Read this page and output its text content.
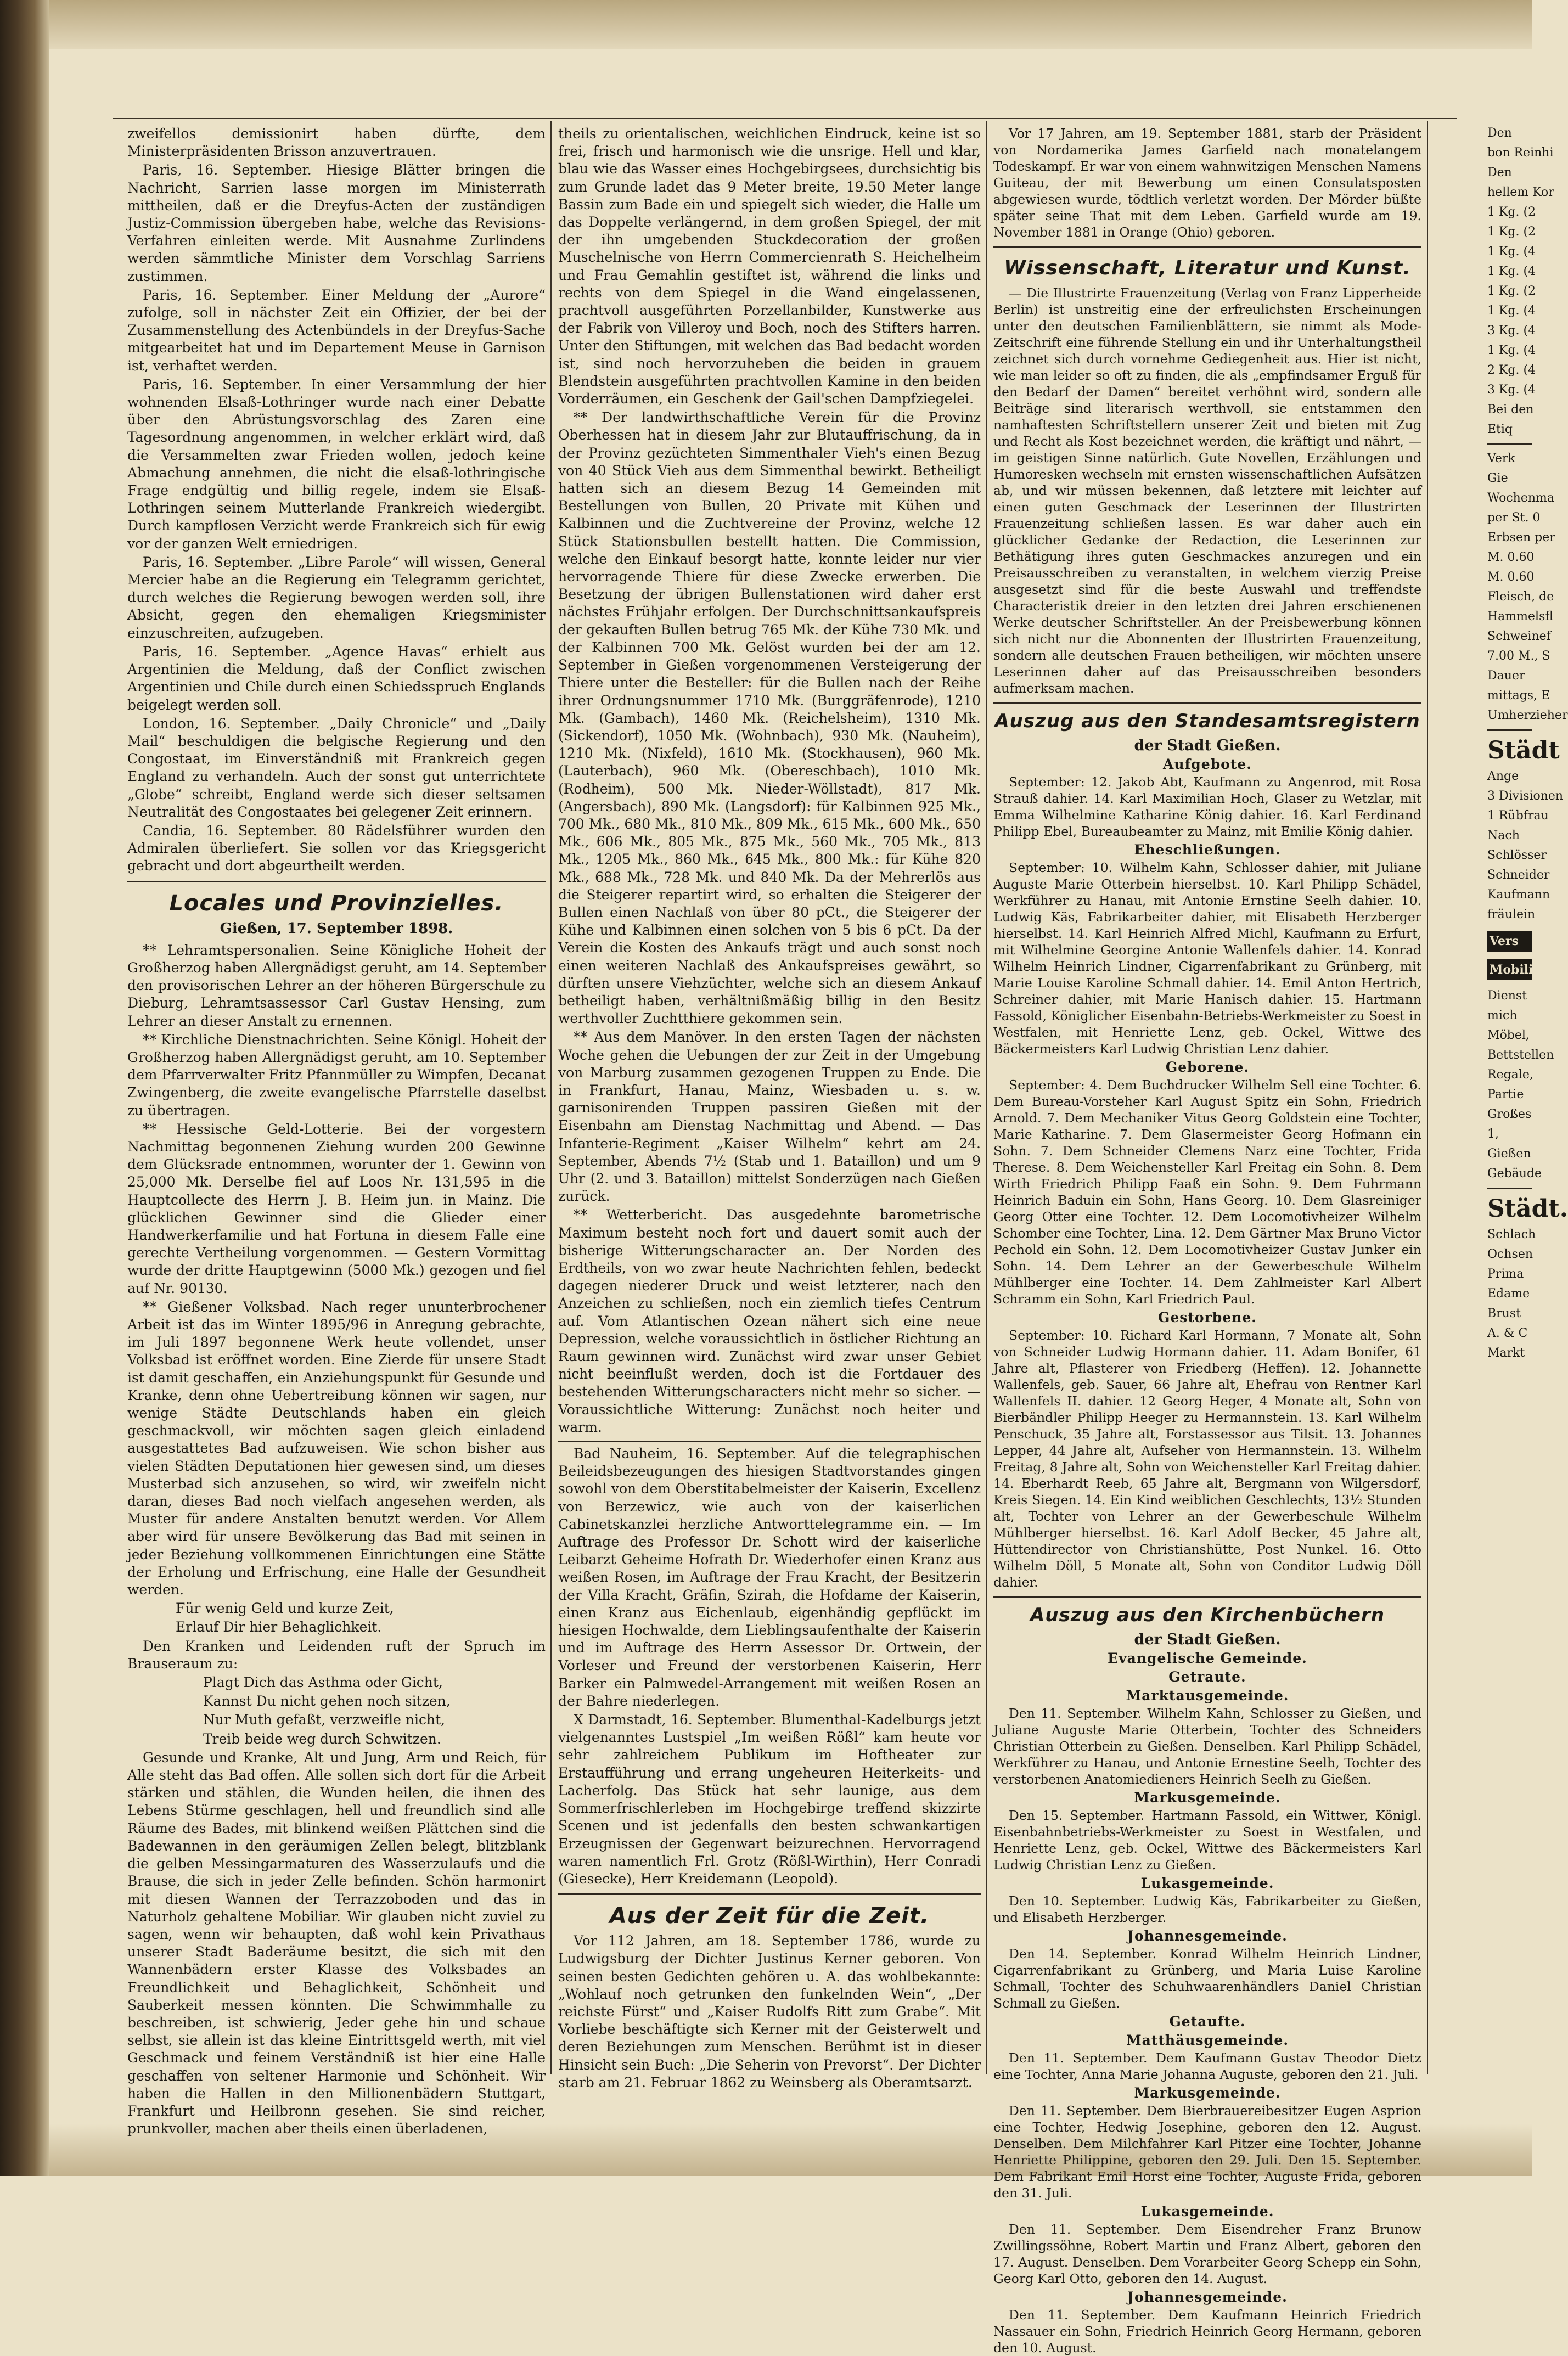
zweifellos demissionirt haben dürfte, dem Ministerpräsidenten Brisson anzuvertrauen.

Paris, 16. September. Hiesige Blätter bringen die Nachricht, Sarrien lasse morgen im Ministerrath mittheilen, daß er die Dreyfus-Acten der zuständigen Justiz-Commission übergeben habe, welche das Revisions-Verfahren einleiten werde. Mit Ausnahme Zurlindens werden sämmtliche Minister dem Vorschlag Sarriens zustimmen.

Paris, 16. September. Einer Meldung der „Aurore“ zufolge, soll in nächster Zeit ein Offizier, der bei der Zusammenstellung des Actenbündels in der Dreyfus-Sache mitgearbeitet hat und im Departement Meuse in Garnison ist, verhaftet werden.

Paris, 16. September. In einer Versammlung der hier wohnenden Elsaß-Lothringer wurde nach einer Debatte über den Abrüstungsvorschlag des Zaren eine Tagesordnung angenommen, in welcher erklärt wird, daß die Versammelten zwar Frieden wollen, jedoch keine Abmachung annehmen, die nicht die elsaß-lothringische Frage endgültig und billig regele, indem sie Elsaß-Lothringen seinem Mutterlande Frankreich wiedergibt. Durch kampflosen Verzicht werde Frankreich sich für ewig vor der ganzen Welt erniedrigen.

Paris, 16. September. „Libre Parole“ will wissen, General Mercier habe an die Regierung ein Telegramm gerichtet, durch welches die Regierung bewogen werden soll, ihre Absicht, gegen den ehemaligen Kriegsminister einzuschreiten, aufzugeben.

Paris, 16. September. „Agence Havas“ erhielt aus Argentinien die Meldung, daß der Conflict zwischen Argentinien und Chile durch einen Schiedsspruch Englands beigelegt werden soll.

London, 16. September. „Daily Chronicle“ und „Daily Mail“ beschuldigen die belgische Regierung und den Congostaat, im Einverständniß mit Frankreich gegen England zu verhandeln. Auch der sonst gut unterrichtete „Globe“ schreibt, England werde sich dieser seltsamen Neutralität des Congostaates bei gelegener Zeit erinnern.

Candia, 16. September. 80 Rädelsführer wurden den Admiralen überliefert. Sie sollen vor das Kriegsgericht gebracht und dort abgeurtheilt werden.

Locales und Provinzielles.
Gießen, 17. September 1898.

** Lehramtspersonalien. Seine Königliche Hoheit der Großherzog haben Allergnädigst geruht, am 14. September den provisorischen Lehrer an der höheren Bürgerschule zu Dieburg, Lehramtsassessor Carl Gustav Hensing, zum Lehrer an dieser Anstalt zu ernennen.

** Kirchliche Dienstnachrichten. Seine Königl. Hoheit der Großherzog haben Allergnädigst geruht, am 10. September dem Pfarrverwalter Fritz Pfannmüller zu Wimpfen, Decanat Zwingenberg, die zweite evangelische Pfarrstelle daselbst zu übertragen.

** Hessische Geld-Lotterie. Bei der vorgestern Nachmittag begonnenen Ziehung wurden 200 Gewinne dem Glücksrade entnommen, worunter der 1. Gewinn von 25,000 Mk. Derselbe fiel auf Loos Nr. 131,595 in die Hauptcollecte des Herrn J. B. Heim jun. in Mainz. Die glücklichen Gewinner sind die Glieder einer Handwerkerfamilie und hat Fortuna in diesem Falle eine gerechte Vertheilung vorgenommen. — Gestern Vormittag wurde der dritte Hauptgewinn (5000 Mk.) gezogen und fiel auf Nr. 90130.

** Gießener Volksbad. Nach reger ununterbrochener Arbeit ist das im Winter 1895/96 in Anregung gebrachte, im Juli 1897 begonnene Werk heute vollendet, unser Volksbad ist eröffnet worden. Eine Zierde für unsere Stadt ist damit geschaffen, ein Anziehungspunkt für Gesunde und Kranke, denn ohne Uebertreibung können wir sagen, nur wenige Städte Deutschlands haben ein gleich geschmackvoll, wir möchten sagen gleich einladend ausgestattetes Bad aufzuweisen. Wie schon bisher aus vielen Städten Deputationen hier gewesen sind, um dieses Musterbad sich anzusehen, so wird, wir zweifeln nicht daran, dieses Bad noch vielfach angesehen werden, als Muster für andere Anstalten benutzt werden. Vor Allem aber wird für unsere Bevölkerung das Bad mit seinen in jeder Beziehung vollkommenen Einrichtungen eine Stätte der Erholung und Erfrischung, eine Halle der Gesundheit werden.

Für wenig Geld und kurze Zeit,

Erlauf Dir hier Behaglichkeit.

Den Kranken und Leidenden ruft der Spruch im Brauseraum zu:

Plagt Dich das Asthma oder Gicht,

Kannst Du nicht gehen noch sitzen,

Nur Muth gefaßt, verzweifle nicht,

Treib beide weg durch Schwitzen.

Gesunde und Kranke, Alt und Jung, Arm und Reich, für Alle steht das Bad offen. Alle sollen sich dort für die Arbeit stärken und stählen, die Wunden heilen, die ihnen des Lebens Stürme geschlagen, hell und freundlich sind alle Räume des Bades, mit blinkend weißen Plättchen sind die Badewannen in den geräumigen Zellen belegt, blitzblank die gelben Messingarmaturen des Wasserzulaufs und die Brause, die sich in jeder Zelle befinden. Schön harmonirt mit diesen Wannen der Terrazzoboden und das in Naturholz gehaltene Mobiliar. Wir glauben nicht zuviel zu sagen, wenn wir behaupten, daß wohl kein Privathaus unserer Stadt Baderäume besitzt, die sich mit den Wannenbädern erster Klasse des Volksbades an Freundlichkeit und Behaglichkeit, Schönheit und Sauberkeit messen könnten. Die Schwimmhalle zu beschreiben, ist schwierig, Jeder gehe hin und schaue selbst, sie allein ist das kleine Eintrittsgeld werth, mit viel Geschmack und feinem Verständniß ist hier eine Halle geschaffen von seltener Harmonie und Schönheit. Wir haben die Hallen in den Millionenbädern Stuttgart, Frankfurt und Heilbronn gesehen. Sie sind reicher, prunkvoller, machen aber theils einen überladenen,

theils zu orientalischen, weichlichen Eindruck, keine ist so frei, frisch und harmonisch wie die unsrige. Hell und klar, blau wie das Wasser eines Hochgebirgsees, durchsichtig bis zum Grunde ladet das 9 Meter breite, 19.50 Meter lange Bassin zum Bade ein und spiegelt sich wieder, die Halle um das Doppelte verlängernd, in dem großen Spiegel, der mit der ihn umgebenden Stuckdecoration der großen Muschelnische von Herrn Commercienrath S. Heichelheim und Frau Gemahlin gestiftet ist, während die links und rechts von dem Spiegel in die Wand eingelassenen, prachtvoll ausgeführten Porzellanbilder, Kunstwerke aus der Fabrik von Villeroy und Boch, noch des Stifters harren. Unter den Stiftungen, mit welchen das Bad bedacht worden ist, sind noch hervorzuheben die beiden in grauem Blendstein ausgeführten prachtvollen Kamine in den beiden Vorderräumen, ein Geschenk der Gail'schen Dampfziegelei.

** Der landwirthschaftliche Verein für die Provinz Oberhessen hat in diesem Jahr zur Blutauffrischung, da in der Provinz gezüchteten Simmenthaler Vieh's einen Bezug von 40 Stück Vieh aus dem Simmenthal bewirkt. Betheiligt hatten sich an diesem Bezug 14 Gemeinden mit Bestellungen von Bullen, 20 Private mit Kühen und Kalbinnen und die Zuchtvereine der Provinz, welche 12 Stück Stationsbullen bestellt hatten. Die Commission, welche den Einkauf besorgt hatte, konnte leider nur vier hervorragende Thiere für diese Zwecke erwerben. Die Besetzung der übrigen Bullenstationen wird daher erst nächstes Frühjahr erfolgen. Der Durchschnittsankaufspreis der gekauften Bullen betrug 765 Mk. der Kühe 730 Mk. und der Kalbinnen 700 Mk. Gelöst wurden bei der am 12. September in Gießen vorgenommenen Versteigerung der Thiere unter die Besteller: für die Bullen nach der Reihe ihrer Ordnungsnummer 1710 Mk. (Burggräfenrode), 1210 Mk. (Gambach), 1460 Mk. (Reichelsheim), 1310 Mk. (Sickendorf), 1050 Mk. (Wohnbach), 930 Mk. (Nauheim), 1210 Mk. (Nixfeld), 1610 Mk. (Stockhausen), 960 Mk. (Lauterbach), 960 Mk. (Obereschbach), 1010 Mk. (Rodheim), 500 Mk. Nieder-Wöllstadt), 817 Mk. (Angersbach), 890 Mk. (Langsdorf): für Kalbinnen 925 Mk., 700 Mk., 680 Mk., 810 Mk., 809 Mk., 615 Mk., 600 Mk., 650 Mk., 606 Mk., 805 Mk., 875 Mk., 560 Mk., 705 Mk., 813 Mk., 1205 Mk., 860 Mk., 645 Mk., 800 Mk.: für Kühe 820 Mk., 688 Mk., 728 Mk. und 840 Mk. Da der Mehrerlös aus die Steigerer repartirt wird, so erhalten die Steigerer der Bullen einen Nachlaß von über 80 pCt., die Steigerer der Kühe und Kalbinnen einen solchen von 5 bis 6 pCt. Da der Verein die Kosten des Ankaufs trägt und auch sonst noch einen weiteren Nachlaß des Ankaufspreises gewährt, so dürften unsere Viehzüchter, welche sich an diesem Ankauf betheiligt haben, verhältnißmäßig billig in den Besitz werthvoller Zuchtthiere gekommen sein.

** Aus dem Manöver. In den ersten Tagen der nächsten Woche gehen die Uebungen der zur Zeit in der Umgebung von Marburg zusammen gezogenen Truppen zu Ende. Die in Frankfurt, Hanau, Mainz, Wiesbaden u. s. w. garnisonirenden Truppen passiren Gießen mit der Eisenbahn am Dienstag Nachmittag und Abend. — Das Infanterie-Regiment „Kaiser Wilhelm“ kehrt am 24. September, Abends 7½ (Stab und 1. Bataillon) und um 9 Uhr (2. und 3. Bataillon) mittelst Sonderzügen nach Gießen zurück.

** Wetterbericht. Das ausgedehnte barometrische Maximum besteht noch fort und dauert somit auch der bisherige Witterungscharacter an. Der Norden des Erdtheils, von wo zwar heute Nachrichten fehlen, bedeckt dagegen niederer Druck und weist letzterer, nach den Anzeichen zu schließen, noch ein ziemlich tiefes Centrum auf. Vom Atlantischen Ozean nähert sich eine neue Depression, welche voraussichtlich in östlicher Richtung an Raum gewinnen wird. Zunächst wird zwar unser Gebiet nicht beeinflußt werden, doch ist die Fortdauer des bestehenden Witterungscharacters nicht mehr so sicher. — Voraussichtliche Witterung: Zunächst noch heiter und warm.

Bad Nauheim, 16. September. Auf die telegraphischen Beileidsbezeugungen des hiesigen Stadtvorstandes gingen sowohl von dem Oberstitabelmeister der Kaiserin, Excellenz von Berzewicz, wie auch von der kaiserlichen Cabinetskanzlei herzliche Antworttelegramme ein. — Im Auftrage des Professor Dr. Schott wird der kaiserliche Leibarzt Geheime Hofrath Dr. Wiederhofer einen Kranz aus weißen Rosen, im Auftrage der Frau Kracht, der Besitzerin der Villa Kracht, Gräfin, Szirah, die Hofdame der Kaiserin, einen Kranz aus Eichenlaub, eigenhändig gepflückt im hiesigen Hochwalde, dem Lieblingsaufenthalte der Kaiserin und im Auftrage des Herrn Assessor Dr. Ortwein, der Vorleser und Freund der verstorbenen Kaiserin, Herr Barker ein Palmwedel-Arrangement mit weißen Rosen an der Bahre niederlegen.

X Darmstadt, 16. September. Blumenthal-Kadelburgs jetzt vielgenanntes Lustspiel „Im weißen Rößl“ kam heute vor sehr zahlreichem Publikum im Hoftheater zur Erstaufführung und errang ungeheuren Heiterkeits- und Lacherfolg. Das Stück hat sehr launige, aus dem Sommerfrischlerleben im Hochgebirge treffend skizzirte Scenen und ist jedenfalls den besten schwankartigen Erzeugnissen der Gegenwart beizurechnen. Hervorragend waren namentlich Frl. Grotz (Rößl-Wirthin), Herr Conradi (Giesecke), Herr Kreidemann (Leopold).

Aus der Zeit für die Zeit.

Vor 112 Jahren, am 18. September 1786, wurde zu Ludwigsburg der Dichter Justinus Kerner geboren. Von seinen besten Gedichten gehören u. A. das wohlbekannte: „Wohlauf noch getrunken den funkelnden Wein“, „Der reichste Fürst“ und „Kaiser Rudolfs Ritt zum Grabe“. Mit Vorliebe beschäftigte sich Kerner mit der Geisterwelt und deren Beziehungen zum Menschen. Berühmt ist in dieser Hinsicht sein Buch: „Die Seherin von Prevorst“. Der Dichter starb am 21. Februar 1862 zu Weinsberg als Oberamtsarzt.

Vor 17 Jahren, am 19. September 1881, starb der Präsident von Nordamerika James Garfield nach monatelangem Todeskampf. Er war von einem wahnwitzigen Menschen Namens Guiteau, der mit Bewerbung um einen Consulatsposten abgewiesen wurde, tödtlich verletzt worden. Der Mörder büßte später seine That mit dem Leben. Garfield wurde am 19. November 1881 in Orange (Ohio) geboren.

Wissenschaft, Literatur und Kunst.

— Die Illustrirte Frauenzeitung (Verlag von Franz Lipperheide Berlin) ist unstreitig eine der erfreulichsten Erscheinungen unter den deutschen Familienblättern, sie nimmt als Mode-Zeitschrift eine führende Stellung ein und ihr Unterhaltungstheil zeichnet sich durch vornehme Gediegenheit aus. Hier ist nicht, wie man leider so oft zu finden, die als „empfindsamer Erguß für den Bedarf der Damen“ bereitet verhöhnt wird, sondern alle Beiträge sind literarisch werthvoll, sie entstammen den namhaftesten Schriftstellern unserer Zeit und bieten mit Zug und Recht als Kost bezeichnet werden, die kräftigt und nährt, — im geistigen Sinne natürlich. Gute Novellen, Erzählungen und Humoresken wechseln mit ernsten wissenschaftlichen Aufsätzen ab, und wir müssen bekennen, daß letztere mit leichter auf einen guten Geschmack der Leserinnen der Illustrirten Frauenzeitung schließen lassen. Es war daher auch ein glücklicher Gedanke der Redaction, die Leserinnen zur Bethätigung ihres guten Geschmackes anzuregen und ein Preisausschreiben zu veranstalten, in welchem vierzig Preise ausgesetzt sind für die beste Auswahl und treffendste Characteristik dreier in den letzten drei Jahren erschienenen Werke deutscher Schriftsteller. An der Preisbewerbung können sich nicht nur die Abonnenten der Illustrirten Frauenzeitung, sondern alle deutschen Frauen betheiligen, wir möchten unsere Leserinnen daher auf das Preisausschreiben besonders aufmerksam machen.

Auszug aus den Standesamtsregistern
der Stadt Gießen.
Aufgebote.

September: 12. Jakob Abt, Kaufmann zu Angenrod, mit Rosa Strauß dahier. 14. Karl Maximilian Hoch, Glaser zu Wetzlar, mit Emma Wilhelmine Katharine König dahier. 16. Karl Ferdinand Philipp Ebel, Bureaubeamter zu Mainz, mit Emilie König dahier.

Eheschließungen.

September: 10. Wilhelm Kahn, Schlosser dahier, mit Juliane Auguste Marie Otterbein hierselbst. 10. Karl Philipp Schädel, Werkführer zu Hanau, mit Antonie Ernstine Seelh dahier. 10. Ludwig Käs, Fabrikarbeiter dahier, mit Elisabeth Herzberger hierselbst. 14. Karl Heinrich Alfred Michl, Kaufmann zu Erfurt, mit Wilhelmine Georgine Antonie Wallenfels dahier. 14. Konrad Wilhelm Heinrich Lindner, Cigarrenfabrikant zu Grünberg, mit Marie Louise Karoline Schmall dahier. 14. Emil Anton Hertrich, Schreiner dahier, mit Marie Hanisch dahier. 15. Hartmann Fassold, Königlicher Eisenbahn-Betriebs-Werkmeister zu Soest in Westfalen, mit Henriette Lenz, geb. Ockel, Wittwe des Bäckermeisters Karl Ludwig Christian Lenz dahier.

Geborene.

September: 4. Dem Buchdrucker Wilhelm Sell eine Tochter. 6. Dem Bureau-Vorsteher Karl August Spitz ein Sohn, Friedrich Arnold. 7. Dem Mechaniker Vitus Georg Goldstein eine Tochter, Marie Katharine. 7. Dem Glasermeister Georg Hofmann ein Sohn. 7. Dem Schneider Clemens Narz eine Tochter, Frida Therese. 8. Dem Weichensteller Karl Freitag ein Sohn. 8. Dem Wirth Friedrich Philipp Faaß ein Sohn. 9. Dem Fuhrmann Heinrich Baduin ein Sohn, Hans Georg. 10. Dem Glasreiniger Georg Otter eine Tochter. 12. Dem Locomotivheizer Wilhelm Schomber eine Tochter, Lina. 12. Dem Gärtner Max Bruno Victor Pechold ein Sohn. 12. Dem Locomotivheizer Gustav Junker ein Sohn. 14. Dem Lehrer an der Gewerbeschule Wilhelm Mühlberger eine Tochter. 14. Dem Zahlmeister Karl Albert Schramm ein Sohn, Karl Friedrich Paul.

Gestorbene.

September: 10. Richard Karl Hormann, 7 Monate alt, Sohn von Schneider Ludwig Hormann dahier. 11. Adam Bonifer, 61 Jahre alt, Pflasterer von Friedberg (Heffen). 12. Johannette Wallenfels, geb. Sauer, 66 Jahre alt, Ehefrau von Rentner Karl Wallenfels II. dahier. 12 Georg Heger, 4 Monate alt, Sohn von Bierbändler Philipp Heeger zu Hermannstein. 13. Karl Wilhelm Penschuck, 35 Jahre alt, Forstassessor aus Tilsit. 13. Johannes Lepper, 44 Jahre alt, Aufseher von Hermannstein. 13. Wilhelm Freitag, 8 Jahre alt, Sohn von Weichensteller Karl Freitag dahier. 14. Eberhardt Reeb, 65 Jahre alt, Bergmann von Wilgersdorf, Kreis Siegen. 14. Ein Kind weiblichen Geschlechts, 13½ Stunden alt, Tochter von Lehrer an der Gewerbeschule Wilhelm Mühlberger hierselbst. 16. Karl Adolf Becker, 45 Jahre alt, Hüttendirector von Christianshütte, Post Nunkel. 16. Otto Wilhelm Döll, 5 Monate alt, Sohn von Conditor Ludwig Döll dahier.

Auszug aus den Kirchenbüchern
der Stadt Gießen.
Evangelische Gemeinde.
Getraute.
Marktausgemeinde.

Den 11. September. Wilhelm Kahn, Schlosser zu Gießen, und Juliane Auguste Marie Otterbein, Tochter des Schneiders Christian Otterbein zu Gießen. Denselben. Karl Philipp Schädel, Werkführer zu Hanau, und Antonie Ernestine Seelh, Tochter des verstorbenen Anatomiedieners Heinrich Seelh zu Gießen.

Markusgemeinde.

Den 15. September. Hartmann Fassold, ein Wittwer, Königl. Eisenbahnbetriebs-Werkmeister zu Soest in Westfalen, und Henriette Lenz, geb. Ockel, Wittwe des Bäckermeisters Karl Ludwig Christian Lenz zu Gießen.

Lukasgemeinde.

Den 10. September. Ludwig Käs, Fabrikarbeiter zu Gießen, und Elisabeth Herzberger.

Johannesgemeinde.

Den 14. September. Konrad Wilhelm Heinrich Lindner, Cigarrenfabrikant zu Grünberg, und Maria Luise Karoline Schmall, Tochter des Schuhwaarenhändlers Daniel Christian Schmall zu Gießen.

Getaufte.
Matthäusgemeinde.

Den 11. September. Dem Kaufmann Gustav Theodor Dietz eine Tochter, Anna Marie Johanna Auguste, geboren den 21. Juli.

Markusgemeinde.

Den 11. September. Dem Bierbrauereibesitzer Eugen Asprion eine Tochter, Hedwig Josephine, geboren den 12. August. Denselben. Dem Milchfahrer Karl Pitzer eine Tochter, Johanne Henriette Philippine, geboren den 29. Juli. Den 15. September. Dem Fabrikant Emil Horst eine Tochter, Auguste Frida, geboren den 31. Juli.

Lukasgemeinde.

Den 11. September. Dem Eisendreher Franz Brunow Zwillingssöhne, Robert Martin und Franz Albert, geboren den 17. August. Denselben. Dem Vorarbeiter Georg Schepp ein Sohn, Georg Karl Otto, geboren den 14. August.

Johannesgemeinde.

Den 11. September. Dem Kaufmann Heinrich Friedrich Nassauer ein Sohn, Friedrich Heinrich Georg Hermann, geboren den 10. August.

Den
bon Reinhi
Den
hellem Kor
1 Kg. (2
1 Kg. (2
1 Kg. (4
1 Kg. (4
1 Kg. (2
1 Kg. (4
3 Kg. (4
1 Kg. (4
2 Kg. (4
3 Kg. (4
Bei den
Etiq
Verk
Gie
Wochenma
per St. 0
Erbsen per
M. 0.60
M. 0.60
Fleisch, de
Hammelsfl
Schweinef
7.00 M., S
Dauer
mittags, E
Umherzieher
Städt
Ange
3 Divisionen
1 Rübfrau
Nach
Schlösser
Schneider
Kaufmann
fräulein
Vers
Mobilie
Dienst
mich
Möbel,
Bettstellen
Regale,
Partie
Großes
1,
Gießen
Gebäude
Städt.
Schlach
Ochsen
Prima
Edame
Brust
A. & C
Markt
